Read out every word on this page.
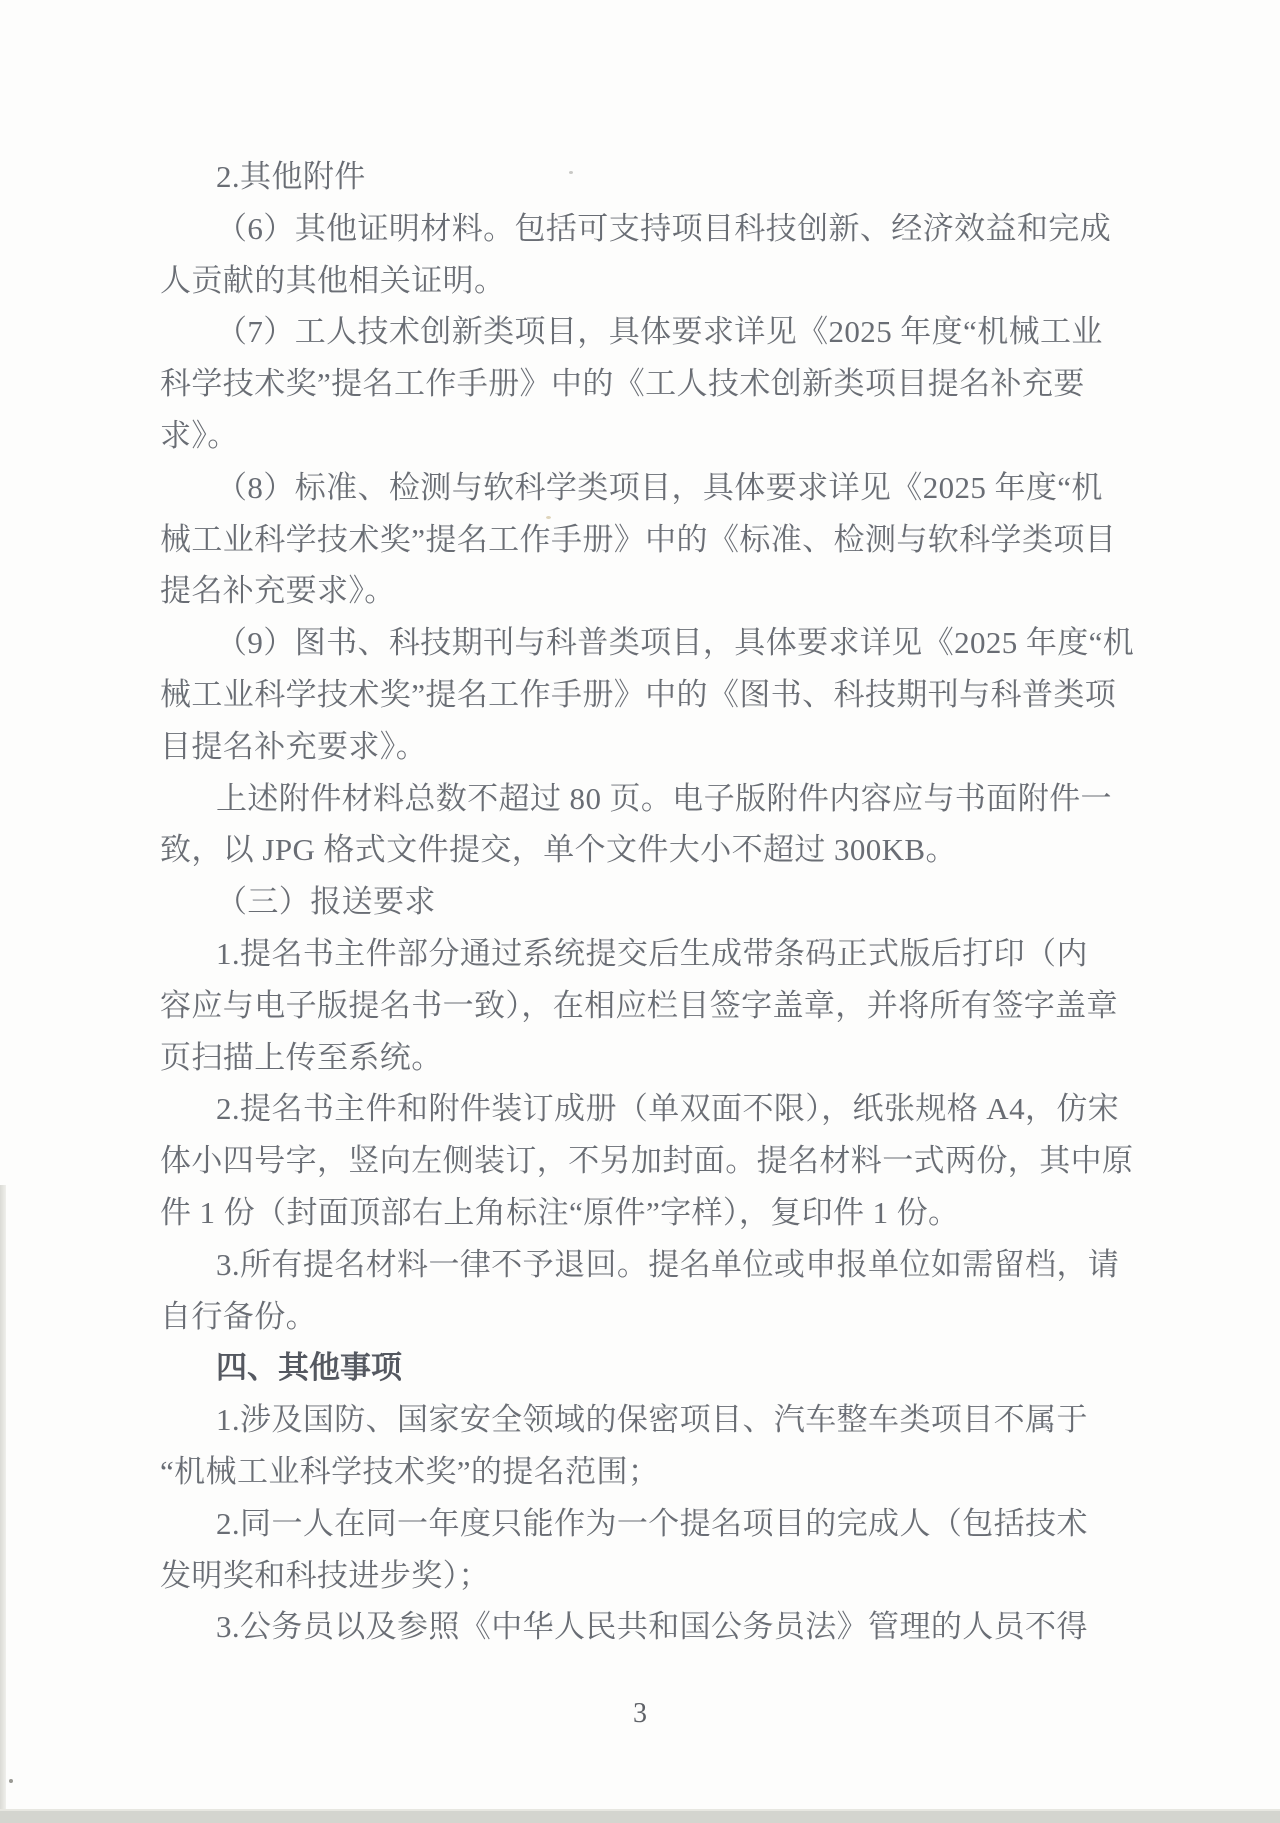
2.其他附件
（6）其他证明材料。包括可支持项目科技创新、经济效益和完成
人贡献的其他相关证明。
（7）工人技术创新类项目，具体要求详见《2025 年度“机械工业
科学技术奖”提名工作手册》中的《工人技术创新类项目提名补充要
求》。
（8）标准、检测与软科学类项目，具体要求详见《2025 年度“机
械工业科学技术奖”提名工作手册》中的《标准、检测与软科学类项目
提名补充要求》。
（9）图书、科技期刊与科普类项目，具体要求详见《2025 年度“机
械工业科学技术奖”提名工作手册》中的《图书、科技期刊与科普类项
目提名补充要求》。
上述附件材料总数不超过 80 页。电子版附件内容应与书面附件一
致，以 JPG 格式文件提交，单个文件大小不超过 300KB。
（三）报送要求
1.提名书主件部分通过系统提交后生成带条码正式版后打印（内
容应与电子版提名书一致），在相应栏目签字盖章，并将所有签字盖章
页扫描上传至系统。
2.提名书主件和附件装订成册（单双面不限），纸张规格 A4，仿宋
体小四号字，竖向左侧装订，不另加封面。提名材料一式两份，其中原
件 1 份（封面顶部右上角标注“原件”字样），复印件 1 份。
3.所有提名材料一律不予退回。提名单位或申报单位如需留档，请
自行备份。
四、其他事项
1.涉及国防、国家安全领域的保密项目、汽车整车类项目不属于
“机械工业科学技术奖”的提名范围；
2.同一人在同一年度只能作为一个提名项目的完成人（包括技术
发明奖和科技进步奖）；
3.公务员以及参照《中华人民共和国公务员法》管理的人员不得
3
